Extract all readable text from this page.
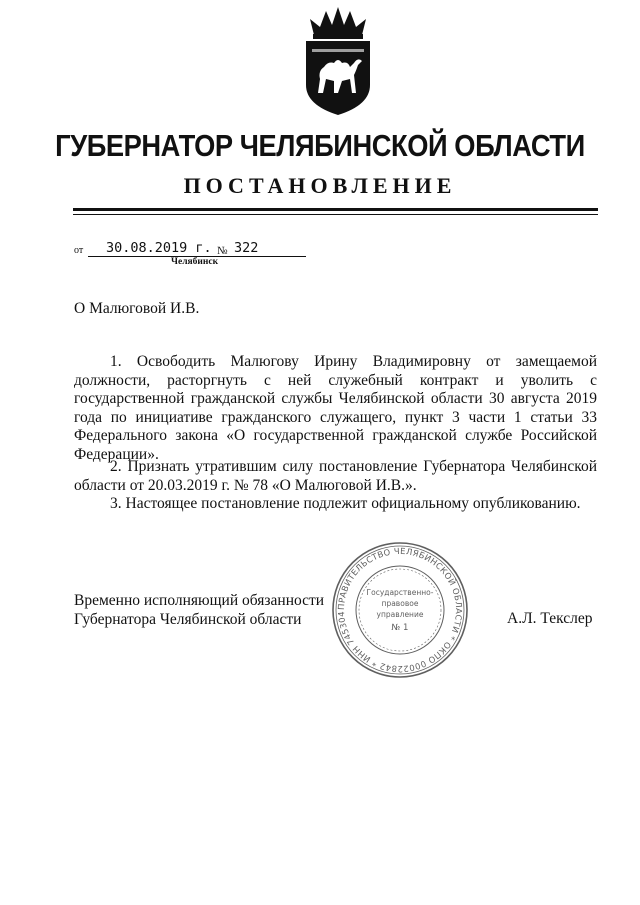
ГУБЕРНАТОР ЧЕЛЯБИНСКОЙ ОБЛАСТИ
ПОСТАНОВЛЕНИЕ
от 30.08.2019 г. № 322
Челябинск
О Малюговой И.В.
1. Освободить Малюгову Ирину Владимировну от замещаемой должности, расторгнуть с ней служебный контракт и уволить с государственной гражданской службы Челябинской области 30 августа 2019 года по инициативе гражданского служащего, пункт 3 части 1 статьи 33 Федерального закона «О государственной гражданской службе Российской Федерации».
2. Признать утратившим силу постановление Губернатора Челябинской области от 20.03.2019 г. № 78 «О Малюговой И.В.».
3. Настоящее постановление подлежит официальному опубликованию.
Временно исполняющий обязанности
Губернатора Челябинской области
ПРАВИТЕЛЬСТВО ЧЕЛЯБИНСКОЙ ОБЛАСТИ * ОКПО 00022842 * ИНН 745304
Государственно-
правовое
управление
№ 1
А.Л. Текслер
